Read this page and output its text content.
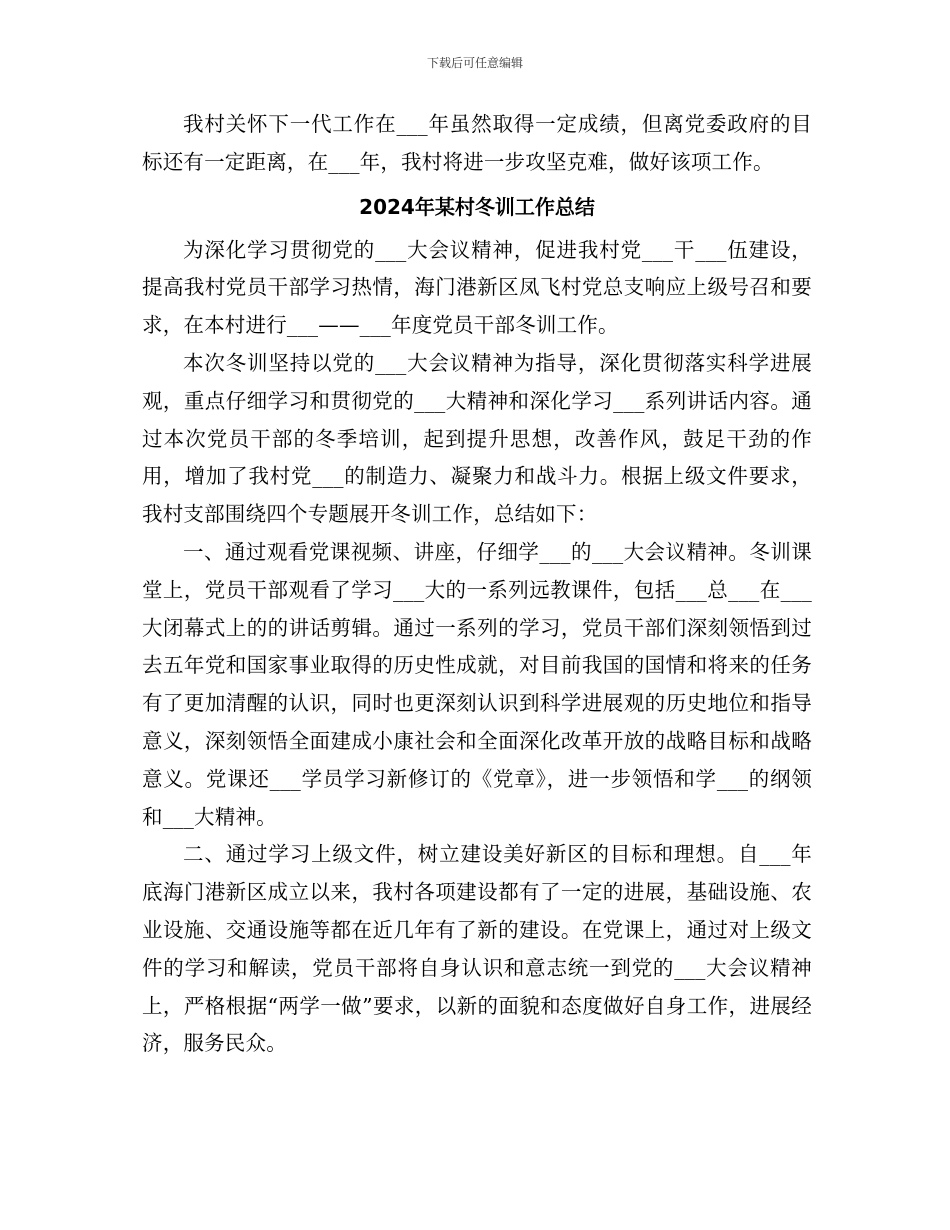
下载后可任意编辑

我村关怀下一代工作在___年虽然取得一定成绩，但离党委政府的目标还有一定距离，在___年，我村将进一步攻坚克难，做好该项工作。

2024年某村冬训工作总结

为深化学习贯彻党的___大会议精神，促进我村党___干___伍建设，提高我村党员干部学习热情，海门港新区凤飞村党总支响应上级号召和要求，在本村进行___——___年度党员干部冬训工作。

本次冬训坚持以党的___大会议精神为指导，深化贯彻落实科学进展观，重点仔细学习和贯彻党的___大精神和深化学习___系列讲话内容。通过本次党员干部的冬季培训，起到提升思想，改善作风，鼓足干劲的作用，增加了我村党___的制造力、凝聚力和战斗力。根据上级文件要求，我村支部围绕四个专题展开冬训工作，总结如下：

一、通过观看党课视频、讲座，仔细学___的___大会议精神。冬训课堂上，党员干部观看了学习___大的一系列远教课件，包括___总___在___大闭幕式上的的讲话剪辑。通过一系列的学习，党员干部们深刻领悟到过去五年党和国家事业取得的历史性成就，对目前我国的国情和将来的任务有了更加清醒的认识，同时也更深刻认识到科学进展观的历史地位和指导意义，深刻领悟全面建成小康社会和全面深化改革开放的战略目标和战略意义。党课还___学员学习新修订的《党章》，进一步领悟和学___的纲领和___大精神。

二、通过学习上级文件，树立建设美好新区的目标和理想。自___年底海门港新区成立以来，我村各项建设都有了一定的进展，基础设施、农业设施、交通设施等都在近几年有了新的建设。在党课上，通过对上级文件的学习和解读，党员干部将自身认识和意志统一到党的___大会议精神上，严格根据“两学一做”要求，以新的面貌和态度做好自身工作，进展经济，服务民众。
